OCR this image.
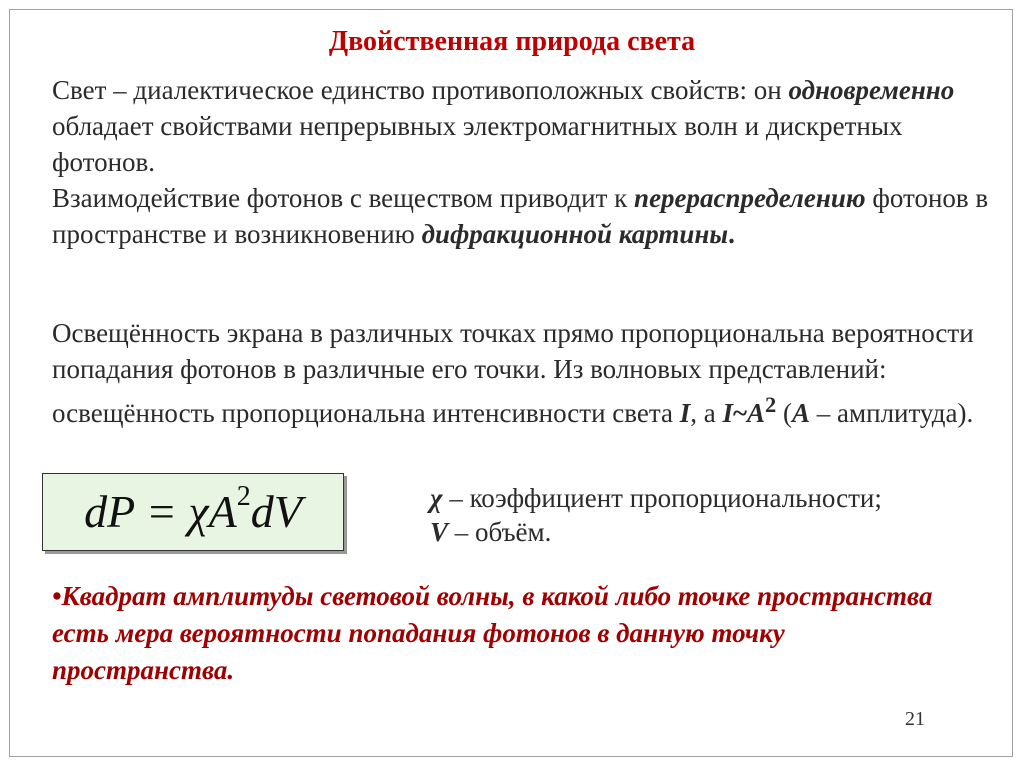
Двойственная природа света

Свет – диалектическое единство противоположных свойств: он одновременно обладает свойствами непрерывных электромагнитных волн и дискретных фотонов.

Взаимодействие фотонов с веществом приводит к перераспределению фотонов в пространстве и возникновению дифракционной картины.

Освещённость экрана в различных точках прямо пропорциональна вероятности попадания фотонов в различные его точки. Из волновых представлений: освещённость пропорциональна интенсивности света I, а $I\sim A^2$ (A – амплитуда).

dP = $\chi A^2dV$	χ – коэффициент пропорциональности;

V – объём.

•Квадрат амплитуды световой волны, в какой либо точке пространства есть мера вероятности попадания фотонов в данную точку пространства.

21
